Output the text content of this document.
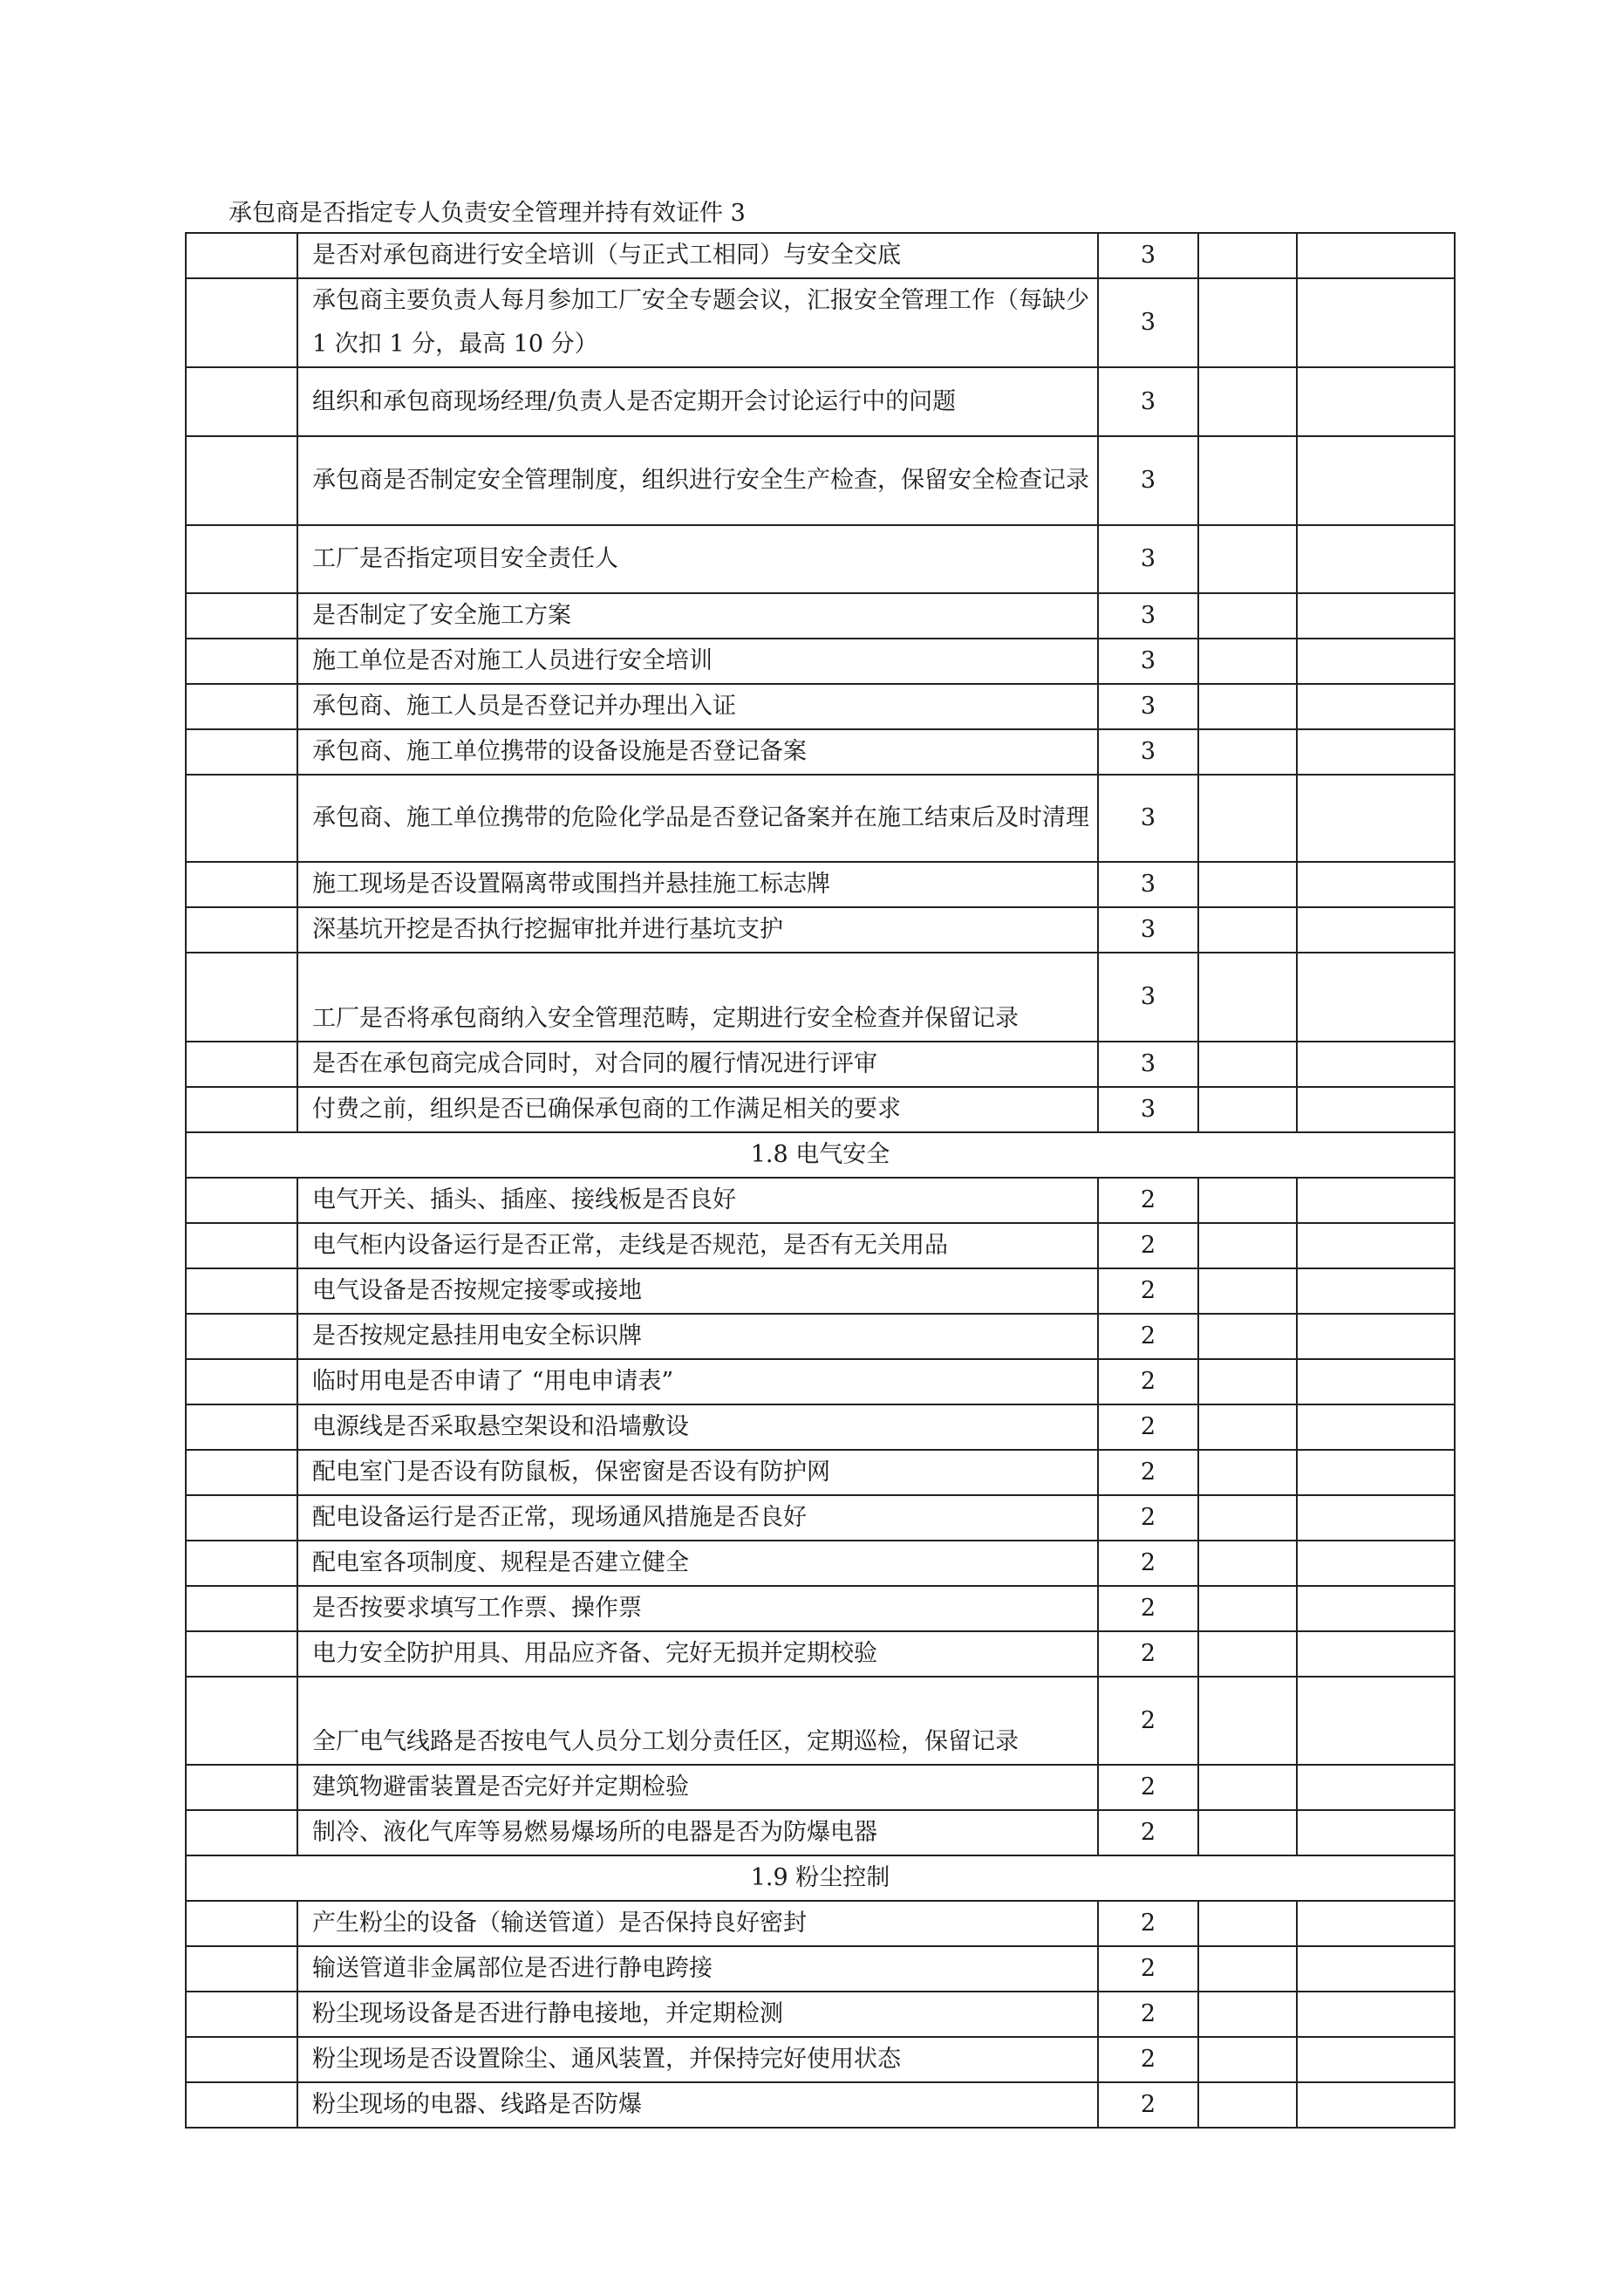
承包商是否指定专人负责安全管理并持有效证件 3
	是否对承包商进行安全培训（与正式工相同）与安全交底	3		
	承包商主要负责人每月参加工厂安全专题会议，汇报安全管理工作（每缺少 1 次扣 1 分，最高 10 分）	3		
	组织和承包商现场经理/负责人是否定期开会讨论运行中的问题	3		
	承包商是否制定安全管理制度，组织进行安全生产检查，保留安全检查记录	3		
	工厂是否指定项目安全责任人	3		
	是否制定了安全施工方案	3		
	施工单位是否对施工人员进行安全培训	3		
	承包商、施工人员是否登记并办理出入证	3		
	承包商、施工单位携带的设备设施是否登记备案	3		
	承包商、施工单位携带的危险化学品是否登记备案并在施工结束后及时清理	3		
	施工现场是否设置隔离带或围挡并悬挂施工标志牌	3		
	深基坑开挖是否执行挖掘审批并进行基坑支护	3		
	工厂是否将承包商纳入安全管理范畴，定期进行安全检查并保留记录	3		
	是否在承包商完成合同时，对合同的履行情况进行评审	3		
	付费之前，组织是否已确保承包商的工作满足相关的要求	3		
1.8 电气安全				
	电气开关、插头、插座、接线板是否良好	2		
	电气柜内设备运行是否正常，走线是否规范，是否有无关用品	2		
	电气设备是否按规定接零或接地	2		
	是否按规定悬挂用电安全标识牌	2		
	临时用电是否申请了 “用电申请表”	2		
	电源线是否采取悬空架设和沿墙敷设	2		
	配电室门是否设有防鼠板，保密窗是否设有防护网	2		
	配电设备运行是否正常，现场通风措施是否良好	2		
	配电室各项制度、规程是否建立健全	2		
	是否按要求填写工作票、操作票	2		
	电力安全防护用具、用品应齐备、完好无损并定期校验	2		
	全厂电气线路是否按电气人员分工划分责任区，定期巡检，保留记录	2		
	建筑物避雷装置是否完好并定期检验	2		
	制冷、液化气库等易燃易爆场所的电器是否为防爆电器	2		
1.9 粉尘控制				
	产生粉尘的设备（输送管道）是否保持良好密封	2		
	输送管道非金属部位是否进行静电跨接	2		
	粉尘现场设备是否进行静电接地，并定期检测	2		
	粉尘现场是否设置除尘、通风装置，并保持完好使用状态	2		
	粉尘现场的电器、线路是否防爆	2		
